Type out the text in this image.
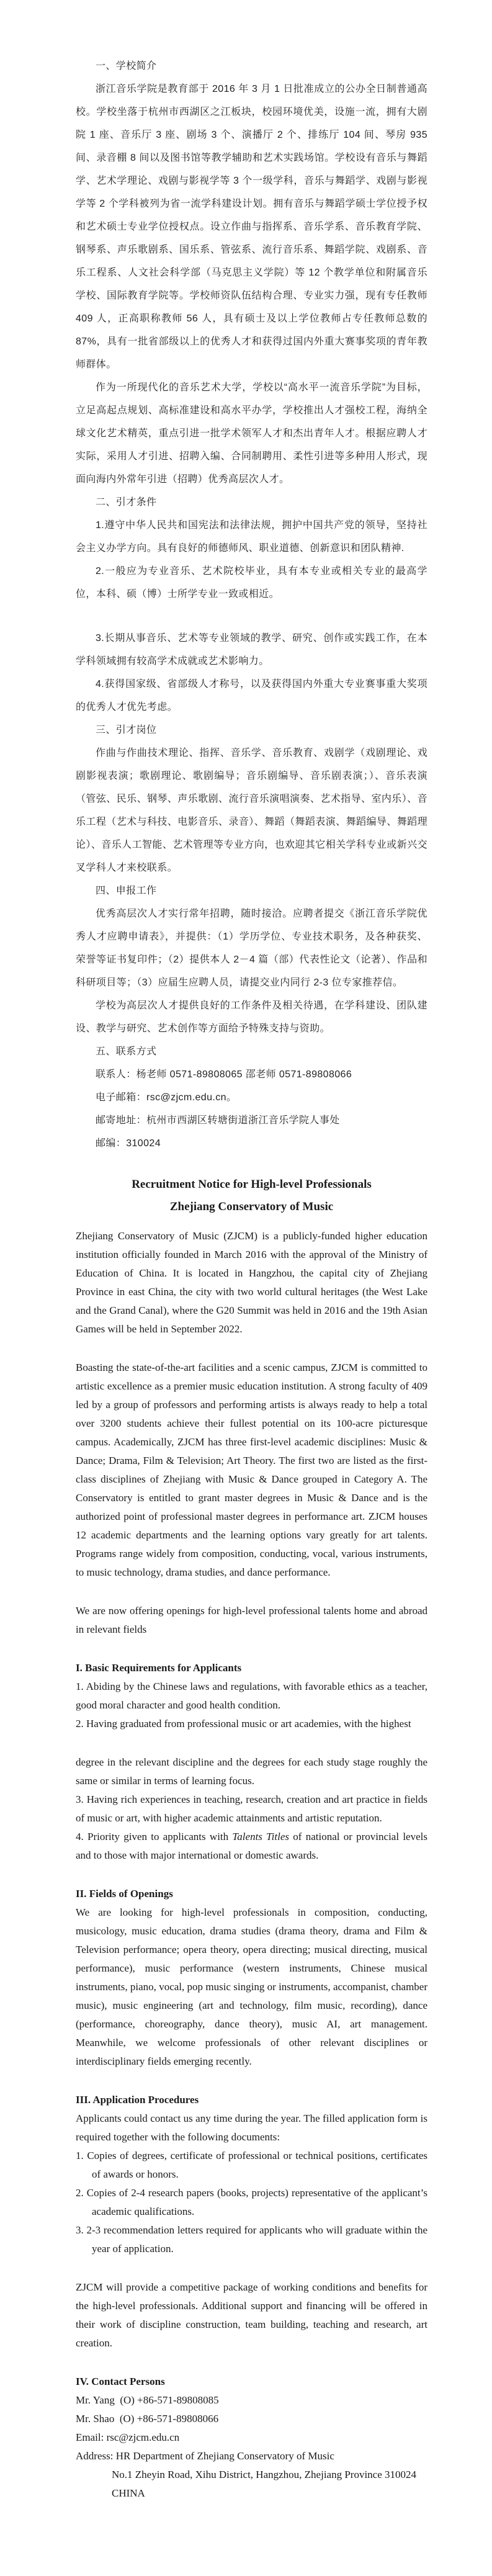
一、学校简介

浙江音乐学院是教育部于 2016 年 3 月 1 日批准成立的公办全日制普通高校。学校坐落于杭州市西湖区之江板块，校园环境优美，设施一流，拥有大剧院 1 座、音乐厅 3 座、剧场 3 个、演播厅 2 个、排练厅 104 间、琴房 935 间、录音棚 8 间以及图书馆等教学辅助和艺术实践场馆。学校设有音乐与舞蹈学、艺术学理论、戏剧与影视学等 3 个一级学科，音乐与舞蹈学、戏剧与影视学等 2 个学科被列为省一流学科建设计划。拥有音乐与舞蹈学硕士学位授予权和艺术硕士专业学位授权点。设立作曲与指挥系、音乐学系、音乐教育学院、钢琴系、声乐歌剧系、国乐系、管弦系、流行音乐系、舞蹈学院、戏剧系、音乐工程系、人文社会科学部（马克思主义学院）等 12 个教学单位和附属音乐学校、国际教育学院等。学校师资队伍结构合理、专业实力强，现有专任教师 409 人，正高职称教师 56 人，具有硕士及以上学位教师占专任教师总数的 87%，具有一批省部级以上的优秀人才和获得过国内外重大赛事奖项的青年教师群体。

作为一所现代化的音乐艺术大学，学校以“高水平一流音乐学院”为目标，立足高起点规划、高标准建设和高水平办学，学校推出人才强校工程，海纳全球文化艺术精英，重点引进一批学术领军人才和杰出青年人才。根据应聘人才实际，采用人才引进、招聘入编、合同制聘用、柔性引进等多种用人形式，现面向海内外常年引进（招聘）优秀高层次人才。

二、引才条件

1.遵守中华人民共和国宪法和法律法规，拥护中国共产党的领导，坚持社会主义办学方向。具有良好的师德师风、职业道德、创新意识和团队精神.

2.一般应为专业音乐、艺术院校毕业，具有本专业或相关专业的最高学位，本科、硕（博）士所学专业一致或相近。

3.长期从事音乐、艺术等专业领域的教学、研究、创作或实践工作，在本学科领域拥有较高学术成就或艺术影响力。

4.获得国家级、省部级人才称号，以及获得国内外重大专业赛事重大奖项的优秀人才优先考虑。

三、引才岗位

作曲与作曲技术理论、指挥、音乐学、音乐教育、戏剧学（戏剧理论、戏剧影视表演；歌剧理论、歌剧编导；音乐剧编导、音乐剧表演；）、音乐表演（管弦、民乐、钢琴、声乐歌剧、流行音乐演唱演奏、艺术指导、室内乐）、音乐工程（艺术与科技、电影音乐、录音）、舞蹈（舞蹈表演、舞蹈编导、舞蹈理论）、音乐人工智能、艺术管理等专业方向，也欢迎其它相关学科专业或新兴交叉学科人才来校联系。

四、申报工作

优秀高层次人才实行常年招聘，随时接洽。应聘者提交《浙江音乐学院优秀人才应聘申请表》，并提供：（1）学历学位、专业技术职务，及各种获奖、荣誉等证书复印件；（2）提供本人 2－4 篇（部）代表性论文（论著）、作品和科研项目等；（3）应届生应聘人员，请提交业内同行 2-3 位专家推荐信。

学校为高层次人才提供良好的工作条件及相关待遇，在学科建设、团队建设、教学与研究、艺术创作等方面给予特殊支持与资助。

五、联系方式

联系人：杨老师 0571-89808065 邵老师 0571-89808066

电子邮箱：rsc@zjcm.edu.cn。

邮寄地址：杭州市西湖区转塘街道浙江音乐学院人事处

邮编：310024

Recruitment Notice for High-level Professionals

Zhejiang Conservatory of Music

Zhejiang Conservatory of Music (ZJCM) is a publicly-funded higher education institution officially founded in March 2016 with the approval of the Ministry of Education of China. It is located in Hangzhou, the capital city of Zhejiang Province in east China, the city with two world cultural heritages (the West Lake and the Grand Canal), where the G20 Summit was held in 2016 and the 19th Asian Games will be held in September 2022.

Boasting the state-of-the-art facilities and a scenic campus, ZJCM is committed to artistic excellence as a premier music education institution. A strong faculty of 409 led by a group of professors and performing artists is always ready to help a total over 3200 students achieve their fullest potential on its 100-acre picturesque campus. Academically, ZJCM has three first-level academic disciplines: Music & Dance; Drama, Film & Television; Art Theory. The first two are listed as the first-class disciplines of Zhejiang with Music & Dance grouped in Category A. The Conservatory is entitled to grant master degrees in Music & Dance and is the authorized point of professional master degrees in performance art. ZJCM houses 12 academic departments and the learning options vary greatly for art talents. Programs range widely from composition, conducting, vocal, various instruments, to music technology, drama studies, and dance performance.

We are now offering openings for high-level professional talents home and abroad in relevant fields

I. Basic Requirements for Applicants

1. Abiding by the Chinese laws and regulations, with favorable ethics as a teacher, good moral character and good health condition.

2. Having graduated from professional music or art academies, with the highest

degree in the relevant discipline and the degrees for each study stage roughly the same or similar in terms of learning focus.

3. Having rich experiences in teaching, research, creation and art practice in fields of music or art, with higher academic attainments and artistic reputation.

4. Priority given to applicants with Talents Titles of national or provincial levels and to those with major international or domestic awards.

II. Fields of Openings

We are looking for high-level professionals in composition, conducting, musicology, music education, drama studies (drama theory, drama and Film & Television performance; opera theory, opera directing; musical directing, musical performance), music performance (western instruments, Chinese musical instruments, piano, vocal, pop music singing or instruments, accompanist, chamber music), music engineering (art and technology, film music, recording), dance (performance, choreography, dance theory), music AI, art management. Meanwhile, we welcome professionals of other relevant disciplines or interdisciplinary fields emerging recently.

III. Application Procedures

Applicants could contact us any time during the year. The filled application form is required together with the following documents:

1. Copies of degrees, certificate of professional or technical positions, certificates of awards or honors.

2. Copies of 2-4 research papers (books, projects) representative of the applicant’s academic qualifications.

3. 2-3 recommendation letters required for applicants who will graduate within the year of application.

ZJCM will provide a competitive package of working conditions and benefits for the high-level professionals. Additional support and financing will be offered in their work of discipline construction, team building, teaching and research, art creation.

IV. Contact Persons

Mr. Yang  (O) +86-571-89808085

Mr. Shao  (O) +86-571-89808066

Email: rsc@zjcm.edu.cn

Address: HR Department of Zhejiang Conservatory of Music

No.1 Zheyin Road, Xihu District, Hangzhou, Zhejiang Province 310024

CHINA
